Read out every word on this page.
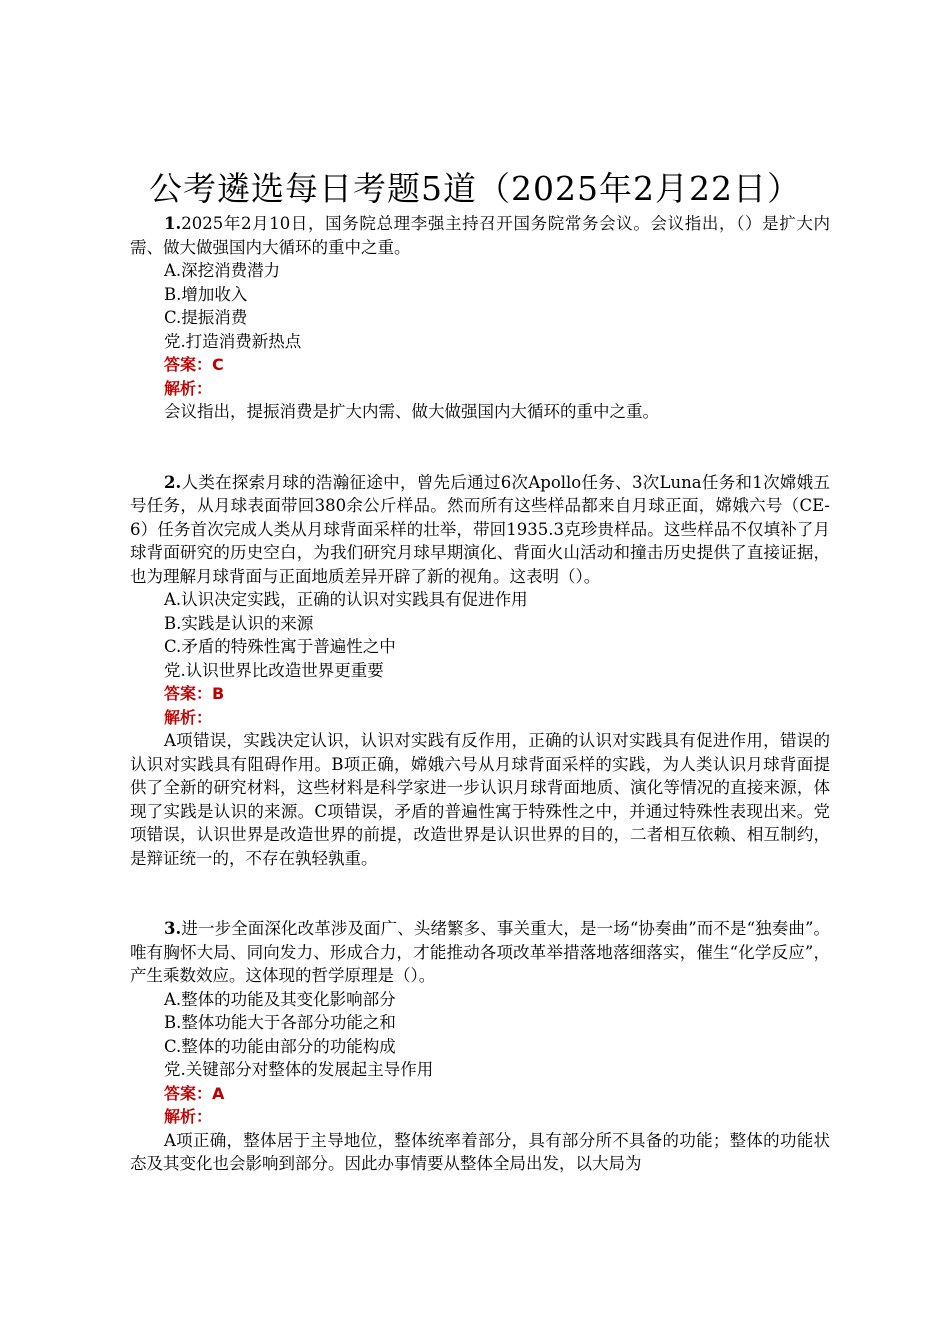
公考遴选每日考题5道（2025年2月22日）

1.2025年2月10日，国务院总理李强主持召开国务院常务会议。会议指出，（）是扩大内需、做大做强国内大循环的重中之重。

A.深挖消费潜力

B.增加收入

C.提振消费

党.打造消费新热点

答案：C

解析：

会议指出，提振消费是扩大内需、做大做强国内大循环的重中之重。

2.人类在探索月球的浩瀚征途中，曾先后通过6次Apollo任务、3次Luna任务和1次嫦娥五号任务，从月球表面带回380余公斤样品。然而所有这些样品都来自月球正面，嫦娥六号（CE-6）任务首次完成人类从月球背面采样的壮举，带回1935.3克珍贵样品。这些样品不仅填补了月球背面研究的历史空白，为我们研究月球早期演化、背面火山活动和撞击历史提供了直接证据，也为理解月球背面与正面地质差异开辟了新的视角。这表明（）。

A.认识决定实践，正确的认识对实践具有促进作用

B.实践是认识的来源

C.矛盾的特殊性寓于普遍性之中

党.认识世界比改造世界更重要

答案：B

解析：

A项错误，实践决定认识，认识对实践有反作用，正确的认识对实践具有促进作用，错误的认识对实践具有阻碍作用。B项正确，嫦娥六号从月球背面采样的实践，为人类认识月球背面提供了全新的研究材料，这些材料是科学家进一步认识月球背面地质、演化等情况的直接来源，体现了实践是认识的来源。C项错误，矛盾的普遍性寓于特殊性之中，并通过特殊性表现出来。党项错误，认识世界是改造世界的前提，改造世界是认识世界的目的，二者相互依赖、相互制约，是辩证统一的，不存在孰轻孰重。

3.进一步全面深化改革涉及面广、头绪繁多、事关重大，是一场“协奏曲”而不是“独奏曲”。唯有胸怀大局、同向发力、形成合力，才能推动各项改革举措落地落细落实，催生“化学反应”，产生乘数效应。这体现的哲学原理是（）。

A.整体的功能及其变化影响部分

B.整体功能大于各部分功能之和

C.整体的功能由部分的功能构成

党.关键部分对整体的发展起主导作用

答案：A

解析：

A项正确，整体居于主导地位，整体统率着部分，具有部分所不具备的功能；整体的功能状态及其变化也会影响到部分。因此办事情要从整体全局出发，以大局为
